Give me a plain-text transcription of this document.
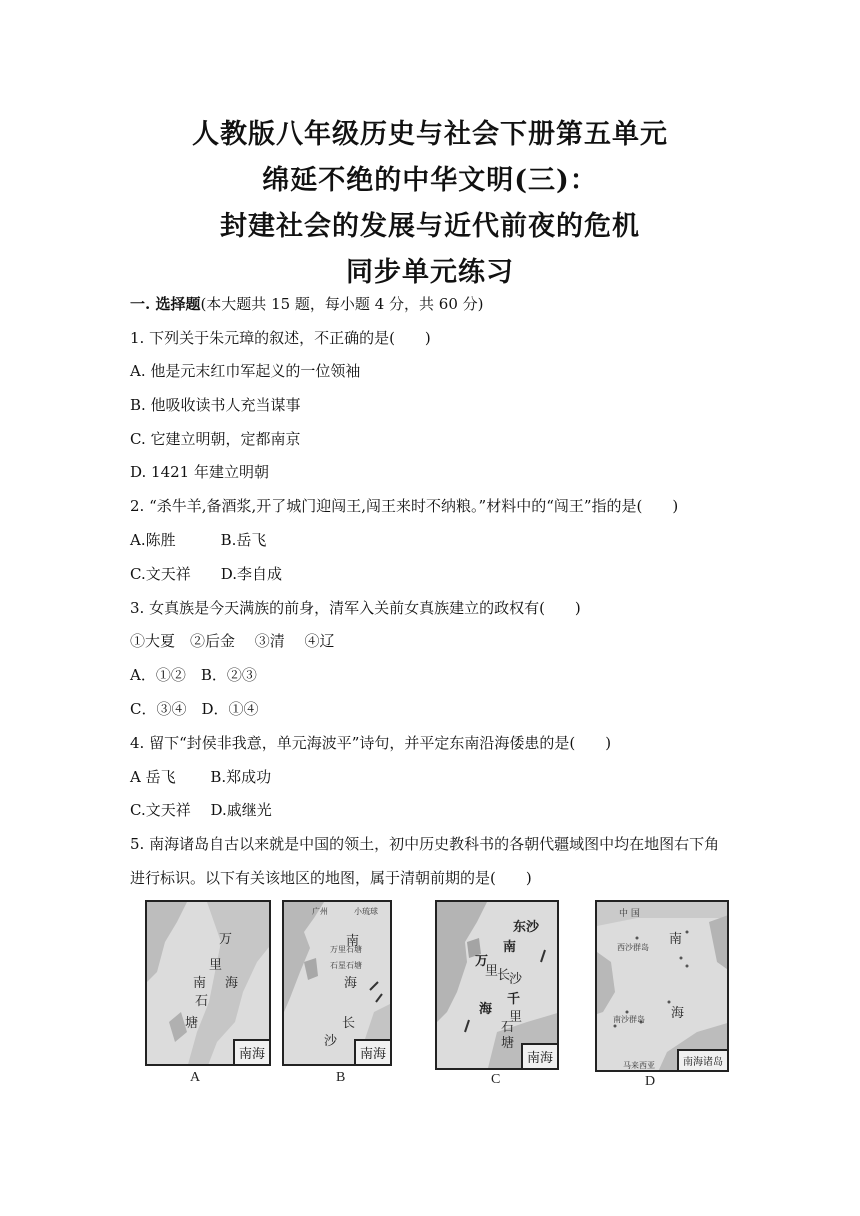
人教版八年级历史与社会下册第五单元
绵延不绝的中华文明(三)：
封建社会的发展与近代前夜的危机
同步单元练习
一. 选择题(本大题共 15 题，每小题 4 分，共 60 分)
1. 下列关于朱元璋的叙述，不正确的是(　　)
A. 他是元末红巾军起义的一位领袖
B. 他吸收读书人充当谋事
C. 它建立明朝，定都南京
D. 1421 年建立明朝
2. “杀牛羊,备酒浆,开了城门迎闯王,闯王来时不纳粮。”材料中的“闯王”指的是(　　)
A.陈胜　　　B.岳飞
C.文天祥　　D.李自成
3. 女真族是今天满族的前身，清军入关前女真族建立的政权有(　　)
①大夏　②后金　 ③清　 ④辽
A．①②　B．②③
C．③④　D．①④
4. 留下“封侯非我意，单元海波平”诗句，并平定东南沿海倭患的是(　　)
A 岳飞　　 B.郑成功
C.文天祥　 D.戚继光
5. 南海诸岛自古以来就是中国的领土，初中历史教科书的各朝代疆域图中均在地图右下角
进行标识。以下有关该地区的地图，属于清朝前期的是(　　)
万
里
海
南
石
塘
南海
A
广州	小琉球
南
海
石星石塘
万里石塘
沙
长
南海
B
东沙
南
万
里
长
沙
千
里
海
石
塘
南海
C
中 国
南
海
西沙群岛
南沙群岛
马来西亚	南海诸岛
D
